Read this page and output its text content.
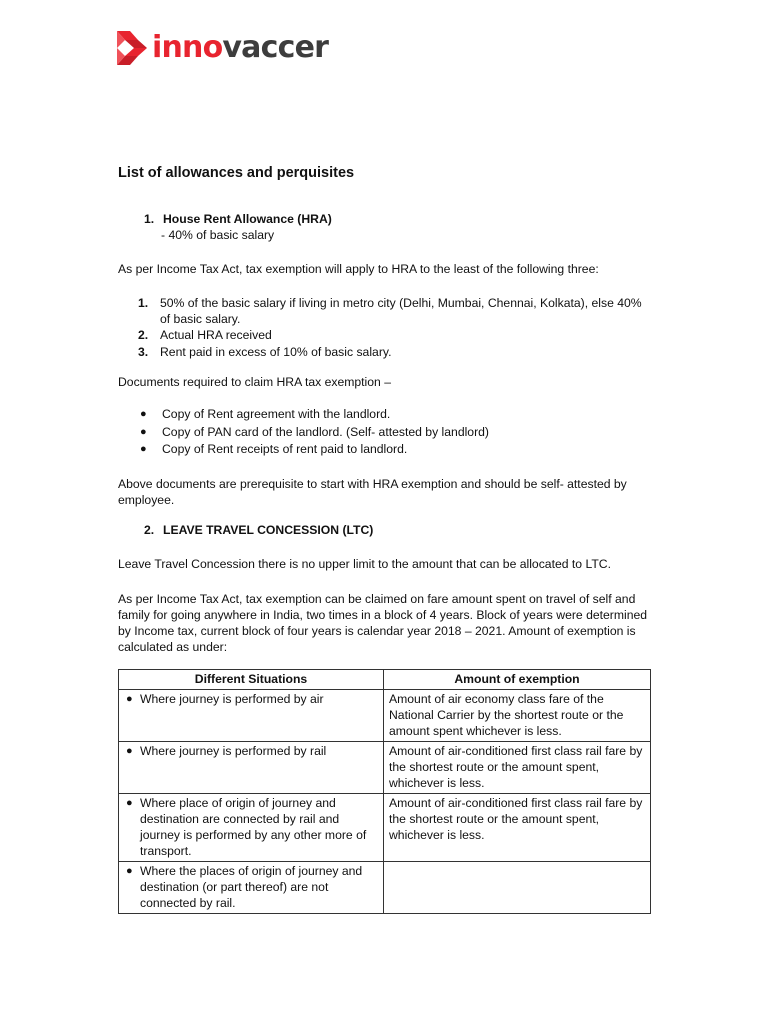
innovaccer
List of allowances and perquisites
1. House Rent Allowance (HRA)
- 40% of basic salary
As per Income Tax Act, tax exemption will apply to HRA to the least of the following three:
1. 50% of the basic salary if living in metro city (Delhi, Mumbai, Chennai, Kolkata), else 40% of basic salary.
2. Actual HRA received
3. Rent paid in excess of 10% of basic salary.
Documents required to claim HRA tax exemption –
●	Copy of Rent agreement with the landlord.
●	Copy of PAN card of the landlord. (Self- attested by landlord)
●	Copy of Rent receipts of rent paid to landlord.
Above documents are prerequisite to start with HRA exemption and should be self- attested by employee.
2. LEAVE TRAVEL CONCESSION (LTC)
Leave Travel Concession there is no upper limit to the amount that can be allocated to LTC.
As per Income Tax Act, tax exemption can be claimed on fare amount spent on travel of self and family for going anywhere in India, two times in a block of 4 years. Block of years were determined by Income tax, current block of four years is calendar year 2018 – 2021. Amount of exemption is calculated as under:
Different Situations	Amount of exemption

● Where journey is performed by air	Amount of air economy class fare of the National Carrier by the shortest route or the amount spent whichever is less.

● Where journey is performed by rail	Amount of air-conditioned first class rail fare by the shortest route or the amount spent, whichever is less.

● Where place of origin of journey and destination are connected by rail and journey is performed by any other more of transport.	Amount of air-conditioned first class rail fare by the shortest route or the amount spent, whichever is less.

● Where the places of origin of journey and destination (or part thereof) are not connected by rail.	
